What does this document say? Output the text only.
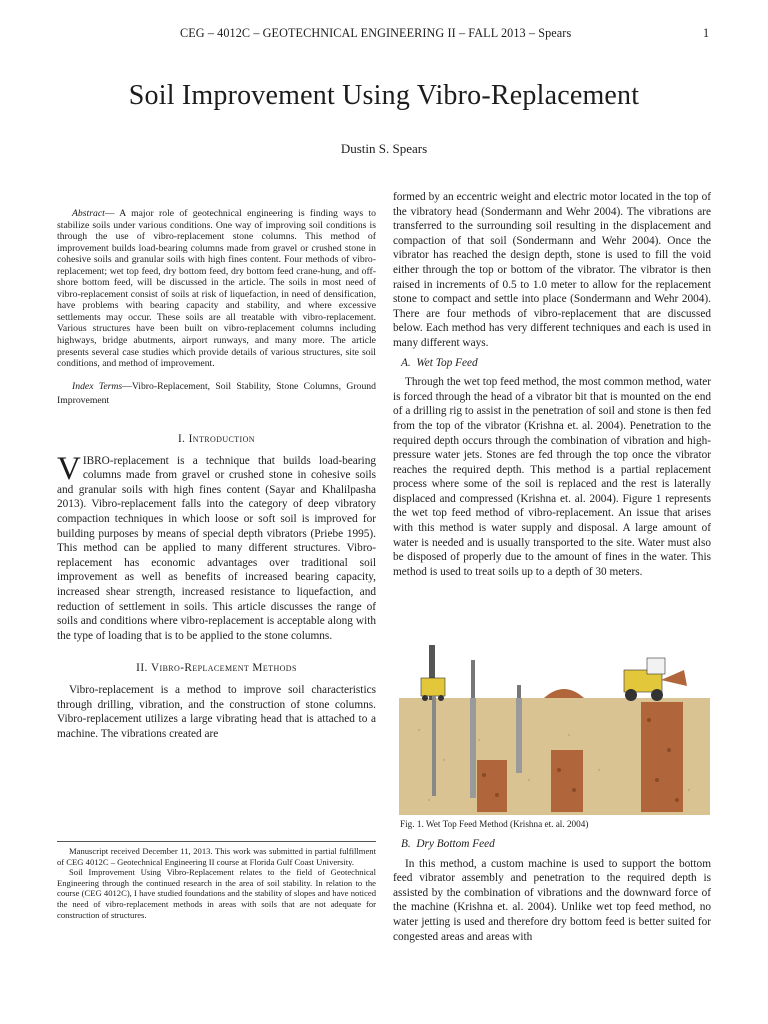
CEG – 4012C – GEOTECHNICAL ENGINEERING II – FALL 2013 – Spears	1
Soil Improvement Using Vibro-Replacement
Dustin S. Spears

Abstract— A major role of geotechnical engineering is finding ways to stabilize soils under various conditions. One way of improving soil conditions is through the use of vibro-replacement stone columns. This method of improvement builds load-bearing columns made from gravel or crushed stone in cohesive soils and granular soils with high fines content. Four methods of vibro-replacement; wet top feed, dry bottom feed, dry bottom feed crane-hung, and off-shore bottom feed, will be discussed in the article. The soils in most need of vibro-replacement consist of soils at risk of liquefaction, in need of densification, have problems with bearing capacity and stability, and where excessive settlements may occur. These soils are all treatable with vibro-replacement. Various structures have been built on vibro-replacement columns including highways, bridge abutments, airport runways, and many more. The article presents several case studies which provide details of various structures, site soil conditions, and method of improvement.

Index Terms—Vibro-Replacement, Soil Stability, Stone Columns, Ground Improvement

I. Introduction

VIBRO-replacement is a technique that builds load-bearing columns made from gravel or crushed stone in cohesive soils and granular soils with high fines content (Sayar and Khalilpasha 2013). Vibro-replacement falls into the category of deep vibratory compaction techniques in which loose or soft soil is improved for building purposes by means of special depth vibrators (Priebe 1995). This method can be applied to many different structures. Vibro-replacement has economic advantages over traditional soil improvement as well as benefits of increased bearing capacity, increased shear strength, increased resistance to liquefaction, and reduction of settlement in soils. This article discusses the range of soils and conditions where vibro-replacement is acceptable along with the type of loading that is to be applied to the stone columns.

II. Vibro-Replacement Methods

Vibro-replacement is a method to improve soil characteristics through drilling, vibration, and the construction of stone columns. Vibro-replacement utilizes a large vibrating head that is attached to a machine. The vibrations created are

Manuscript received December 11, 2013. This work was submitted in partial fulfillment of CEG 4012C – Geotechnical Engineering II course at Florida Gulf Coast University.

Soil Improvement Using Vibro-Replacement relates to the field of Geotechnical Engineering through the continued research in the area of soil stability. In relation to the course (CEG 4012C), I have studied foundations and the stability of slopes and have noticed the need of vibro-replacement methods in areas with soils that are not adequate for construction of structures.

formed by an eccentric weight and electric motor located in the top of the vibratory head (Sondermann and Wehr 2004). The vibrations are transferred to the surrounding soil resulting in the displacement and compaction of that soil (Sondermann and Wehr 2004). Once the vibrator has reached the design depth, stone is used to fill the void either through the top or bottom of the vibrator. The vibrator is then raised in increments of 0.5 to 1.0 meter to allow for the replacement stone to compact and settle into place (Sondermann and Wehr 2004). There are four methods of vibro-replacement that are discussed below. Each method has very different techniques and each is used in many different ways.

A. Wet Top Feed

Through the wet top feed method, the most common method, water is forced through the head of a vibrator bit that is mounted on the end of a drilling rig to assist in the penetration of soil and stone is then fed from the top of the vibrator (Krishna et. al. 2004). Penetration to the required depth occurs through the combination of vibration and high-pressure water jets. Stones are fed through the top once the vibrator reaches the required depth. This method is a partial replacement process where some of the soil is replaced and the rest is laterally displaced and compressed (Krishna et. al. 2004). Figure 1 represents the wet top feed method of vibro-replacement. An issue that arises with this method is water supply and disposal. A large amount of water is needed and is usually transported to the site. Water must also be disposed of properly due to the amount of fines in the water. This method is used to treat soils up to a depth of 30 meters.

Fig. 1. Wet Top Feed Method (Krishna et. al. 2004)
B. Dry Bottom Feed

In this method, a custom machine is used to support the bottom feed vibrator assembly and penetration to the required depth is assisted by the combination of vibrations and the downward force of the machine (Krishna et. al. 2004). Unlike wet top feed method, no water jetting is used and therefore dry bottom feed is better suited for congested areas and areas with
